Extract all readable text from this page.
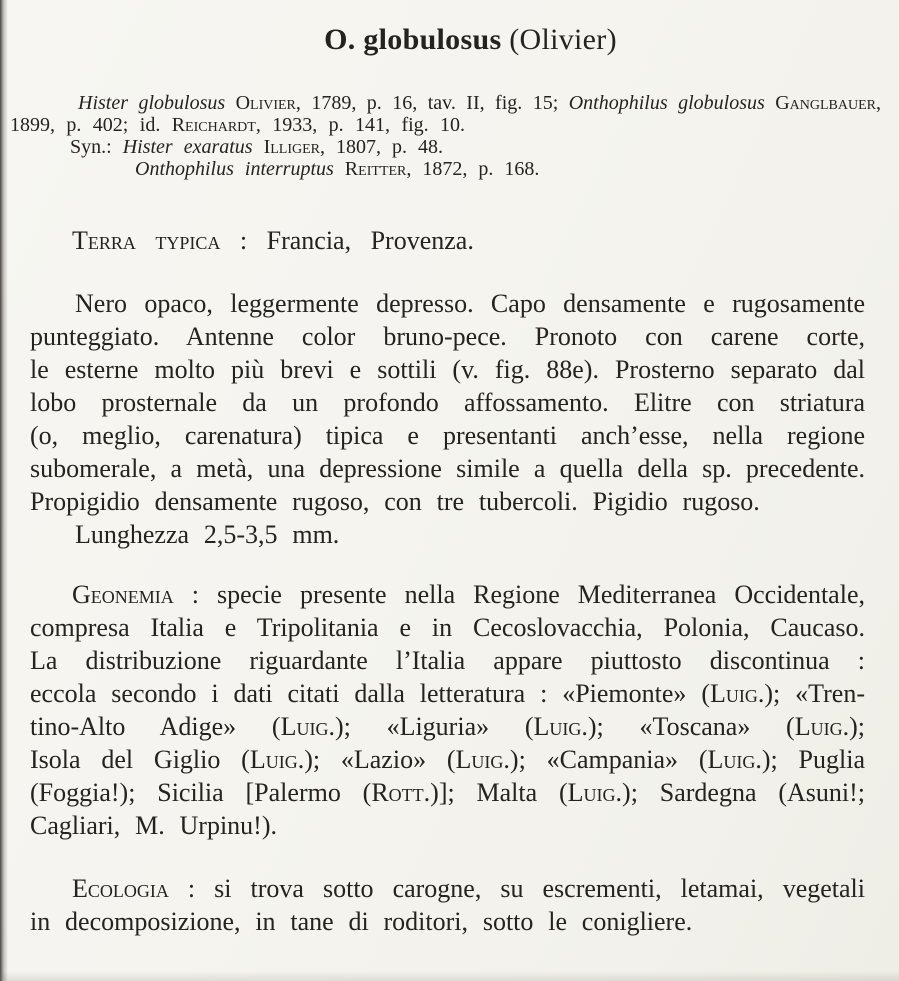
O. globulosus (Olivier)
Hister globulosus Olivier, 1789, p. 16, tav. II, fig. 15; Onthophilus globulosus Ganglbauer,
1899, p. 402; id. Reichardt, 1933, p. 141, fig. 10.
Syn.: Hister exaratus Illiger, 1807, p. 48.
Onthophilus interruptus Reitter, 1872, p. 168.
Terra typica : Francia, Provenza.
Nero opaco, leggermente depresso. Capo densamente e rugosamente
punteggiato. Antenne color bruno-pece. Pronoto con carene corte,
le esterne molto più brevi e sottili (v. fig. 88e). Prosterno separato dal
lobo prosternale da un profondo affossamento. Elitre con striatura
(o, meglio, carenatura) tipica e presentanti anch’esse, nella regione
subomerale, a metà, una depressione simile a quella della sp. precedente.
Propigidio densamente rugoso, con tre tubercoli. Pigidio rugoso.
Lunghezza 2,5-3,5 mm.
Geonemia : specie presente nella Regione Mediterranea Occidentale,
compresa Italia e Tripolitania e in Cecoslovacchia, Polonia, Caucaso.
La distribuzione riguardante l’Italia appare piuttosto discontinua :
eccola secondo i dati citati dalla letteratura : «Piemonte» (Luig.); «Tren-
tino-Alto Adige» (Luig.); «Liguria» (Luig.); «Toscana» (Luig.);
Isola del Giglio (Luig.); «Lazio» (Luig.); «Campania» (Luig.); Puglia
(Foggia!); Sicilia [Palermo (Rott.)]; Malta (Luig.); Sardegna (Asuni!;
Cagliari, M. Urpinu!).
Ecologia : si trova sotto carogne, su escrementi, letamai, vegetali
in decomposizione, in tane di roditori, sotto le conigliere.
